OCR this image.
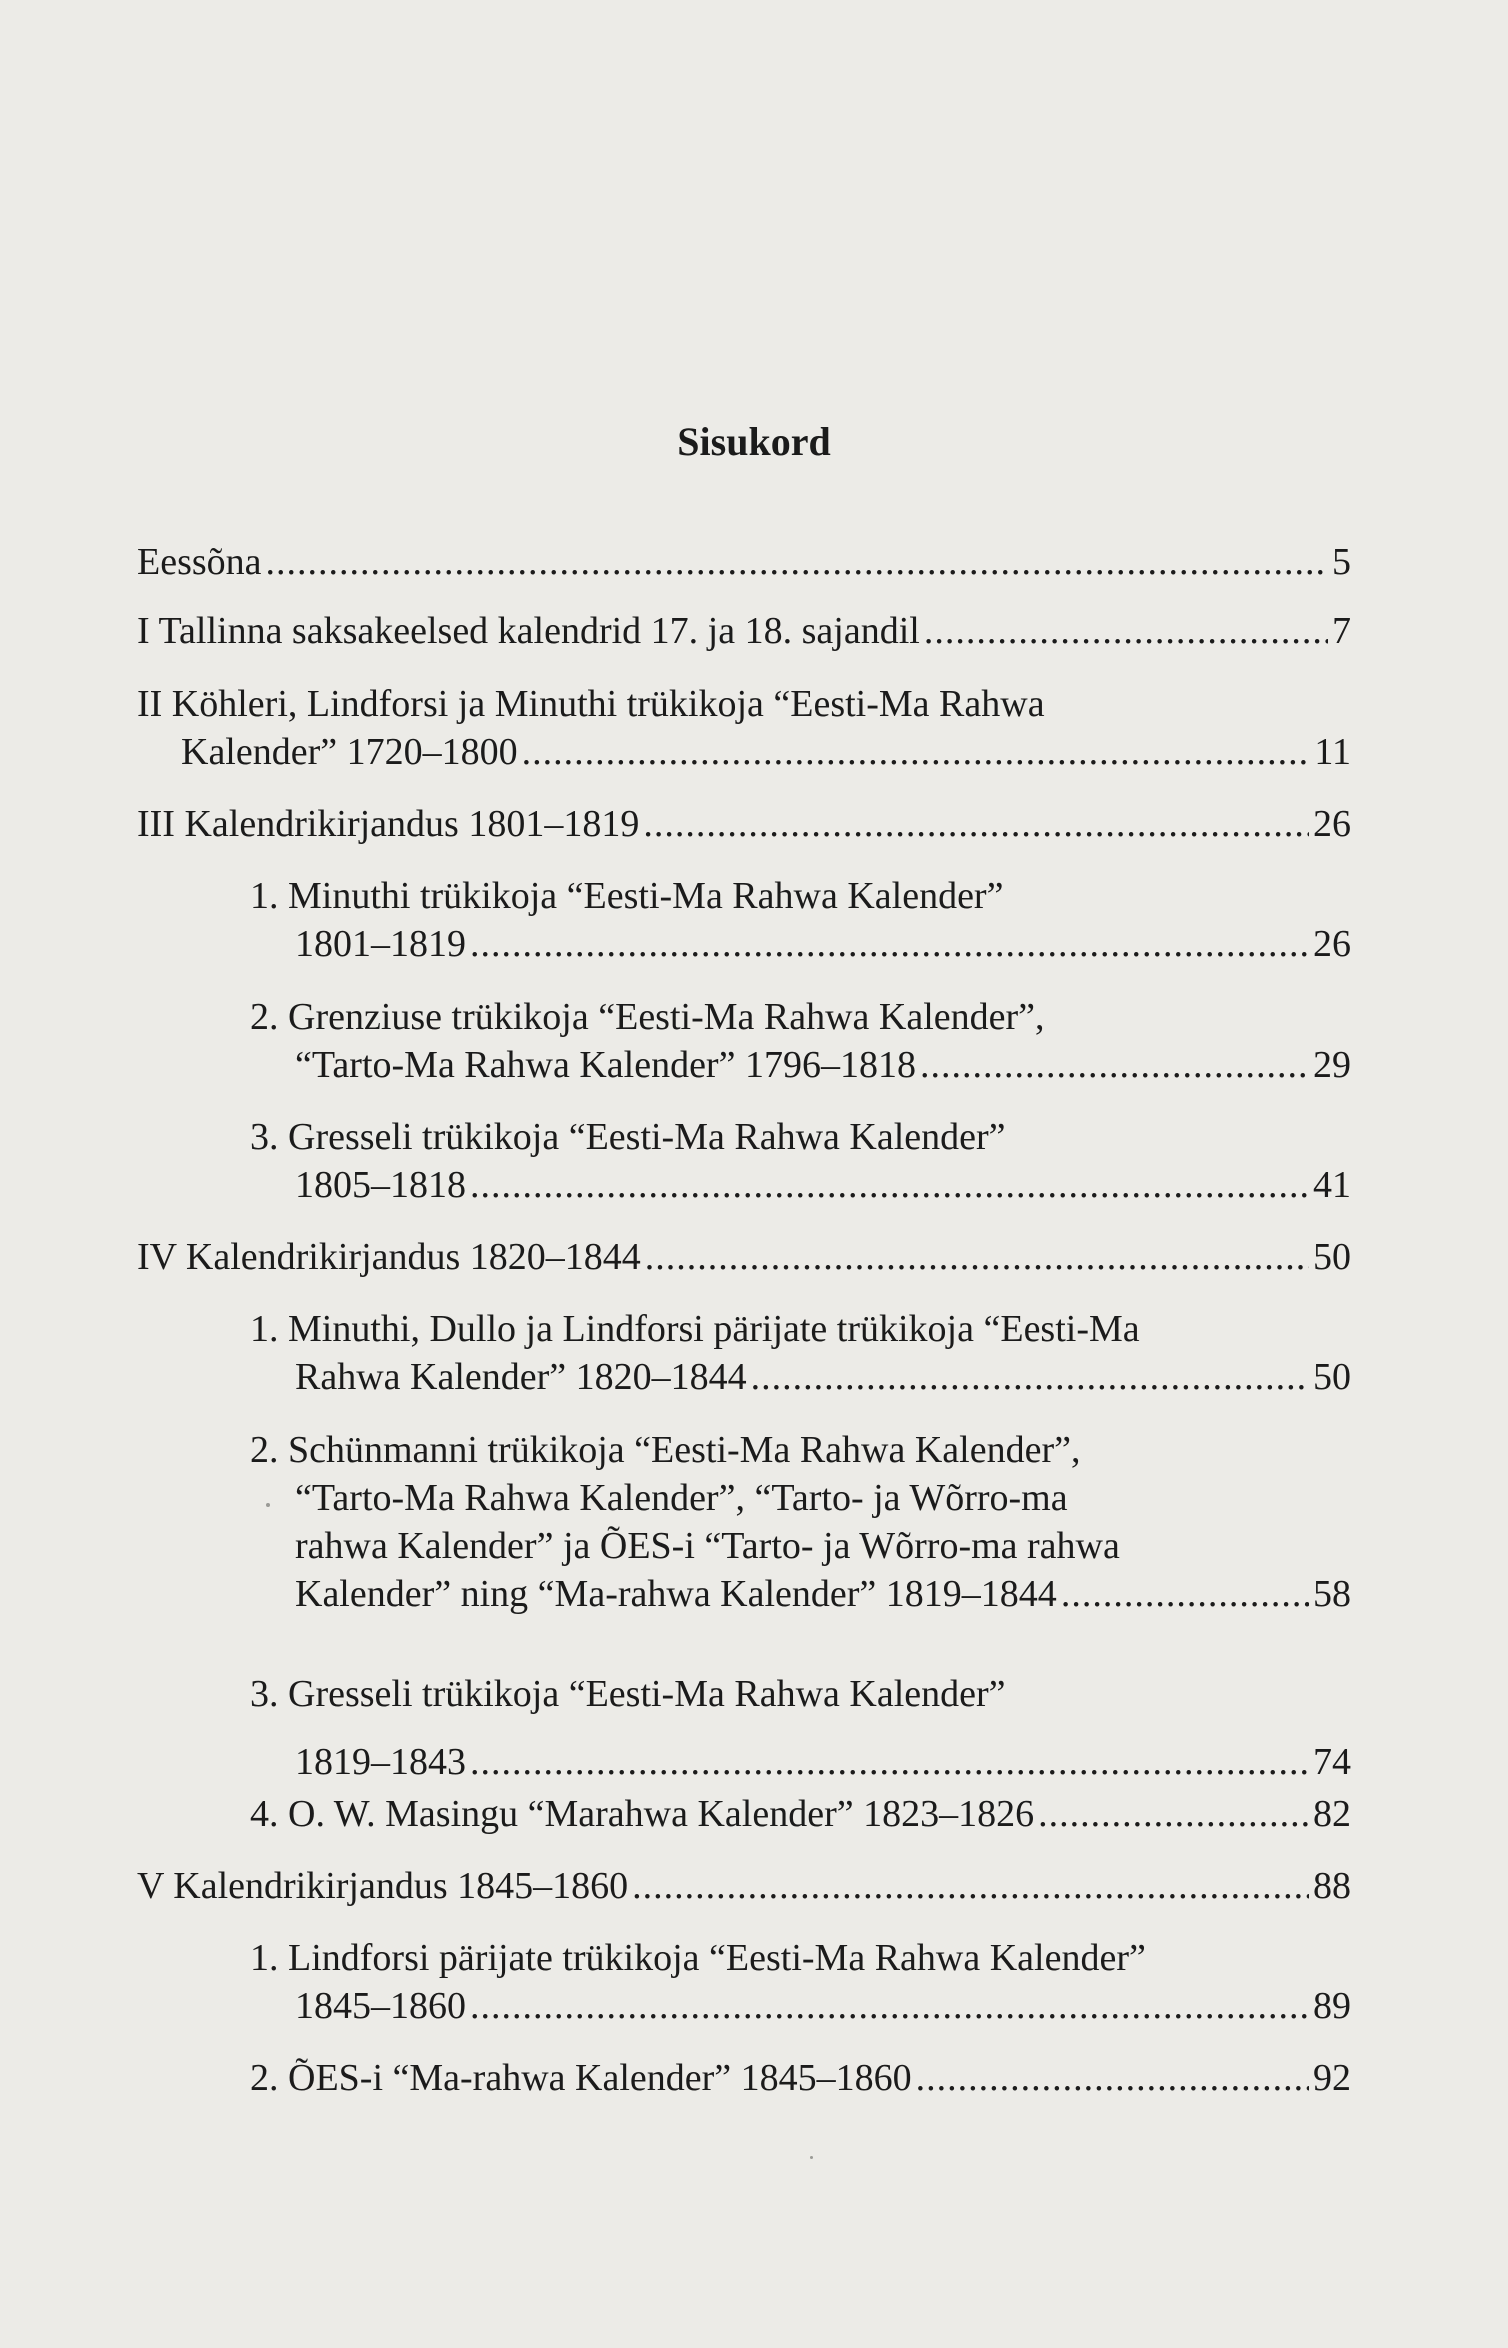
Sisukord
Eessõna .....	5
I Tallinna saksakeelsed kalendrid 17. ja 18. sajandil .....	7
II Köhleri, Lindforsi ja Minuthi trükikoja “Eesti-Ma Rahwa
Kalender” 1720–1800 .....	11
III Kalendrikirjandus 1801–1819 .....	26
1. Minuthi trükikoja “Eesti-Ma Rahwa Kalender”
1801–1819 .....	26
2. Grenziuse trükikoja “Eesti-Ma Rahwa Kalender”,
“Tarto-Ma Rahwa Kalender” 1796–1818 .....	29
3. Gresseli trükikoja “Eesti-Ma Rahwa Kalender”
1805–1818 .....	41
IV Kalendrikirjandus 1820–1844 .....	50
1. Minuthi, Dullo ja Lindforsi pärijate trükikoja “Eesti-Ma
Rahwa Kalender” 1820–1844 .....	50
2. Schünmanni trükikoja “Eesti-Ma Rahwa Kalender”,
“Tarto-Ma Rahwa Kalender”, “Tarto- ja Wõrro-ma
rahwa Kalender” ja ÕES-i “Tarto- ja Wõrro-ma rahwa
Kalender” ning “Ma-rahwa Kalender” 1819–1844 .....	58
3. Gresseli trükikoja “Eesti-Ma Rahwa Kalender”
1819–1843 .....	74
4. O. W. Masingu “Marahwa Kalender” 1823–1826 .....	82
V Kalendrikirjandus 1845–1860 .....	88
1. Lindforsi pärijate trükikoja “Eesti-Ma Rahwa Kalender”
1845–1860 .....	89
2. ÕES-i “Ma-rahwa Kalender” 1845–1860 .....	92
